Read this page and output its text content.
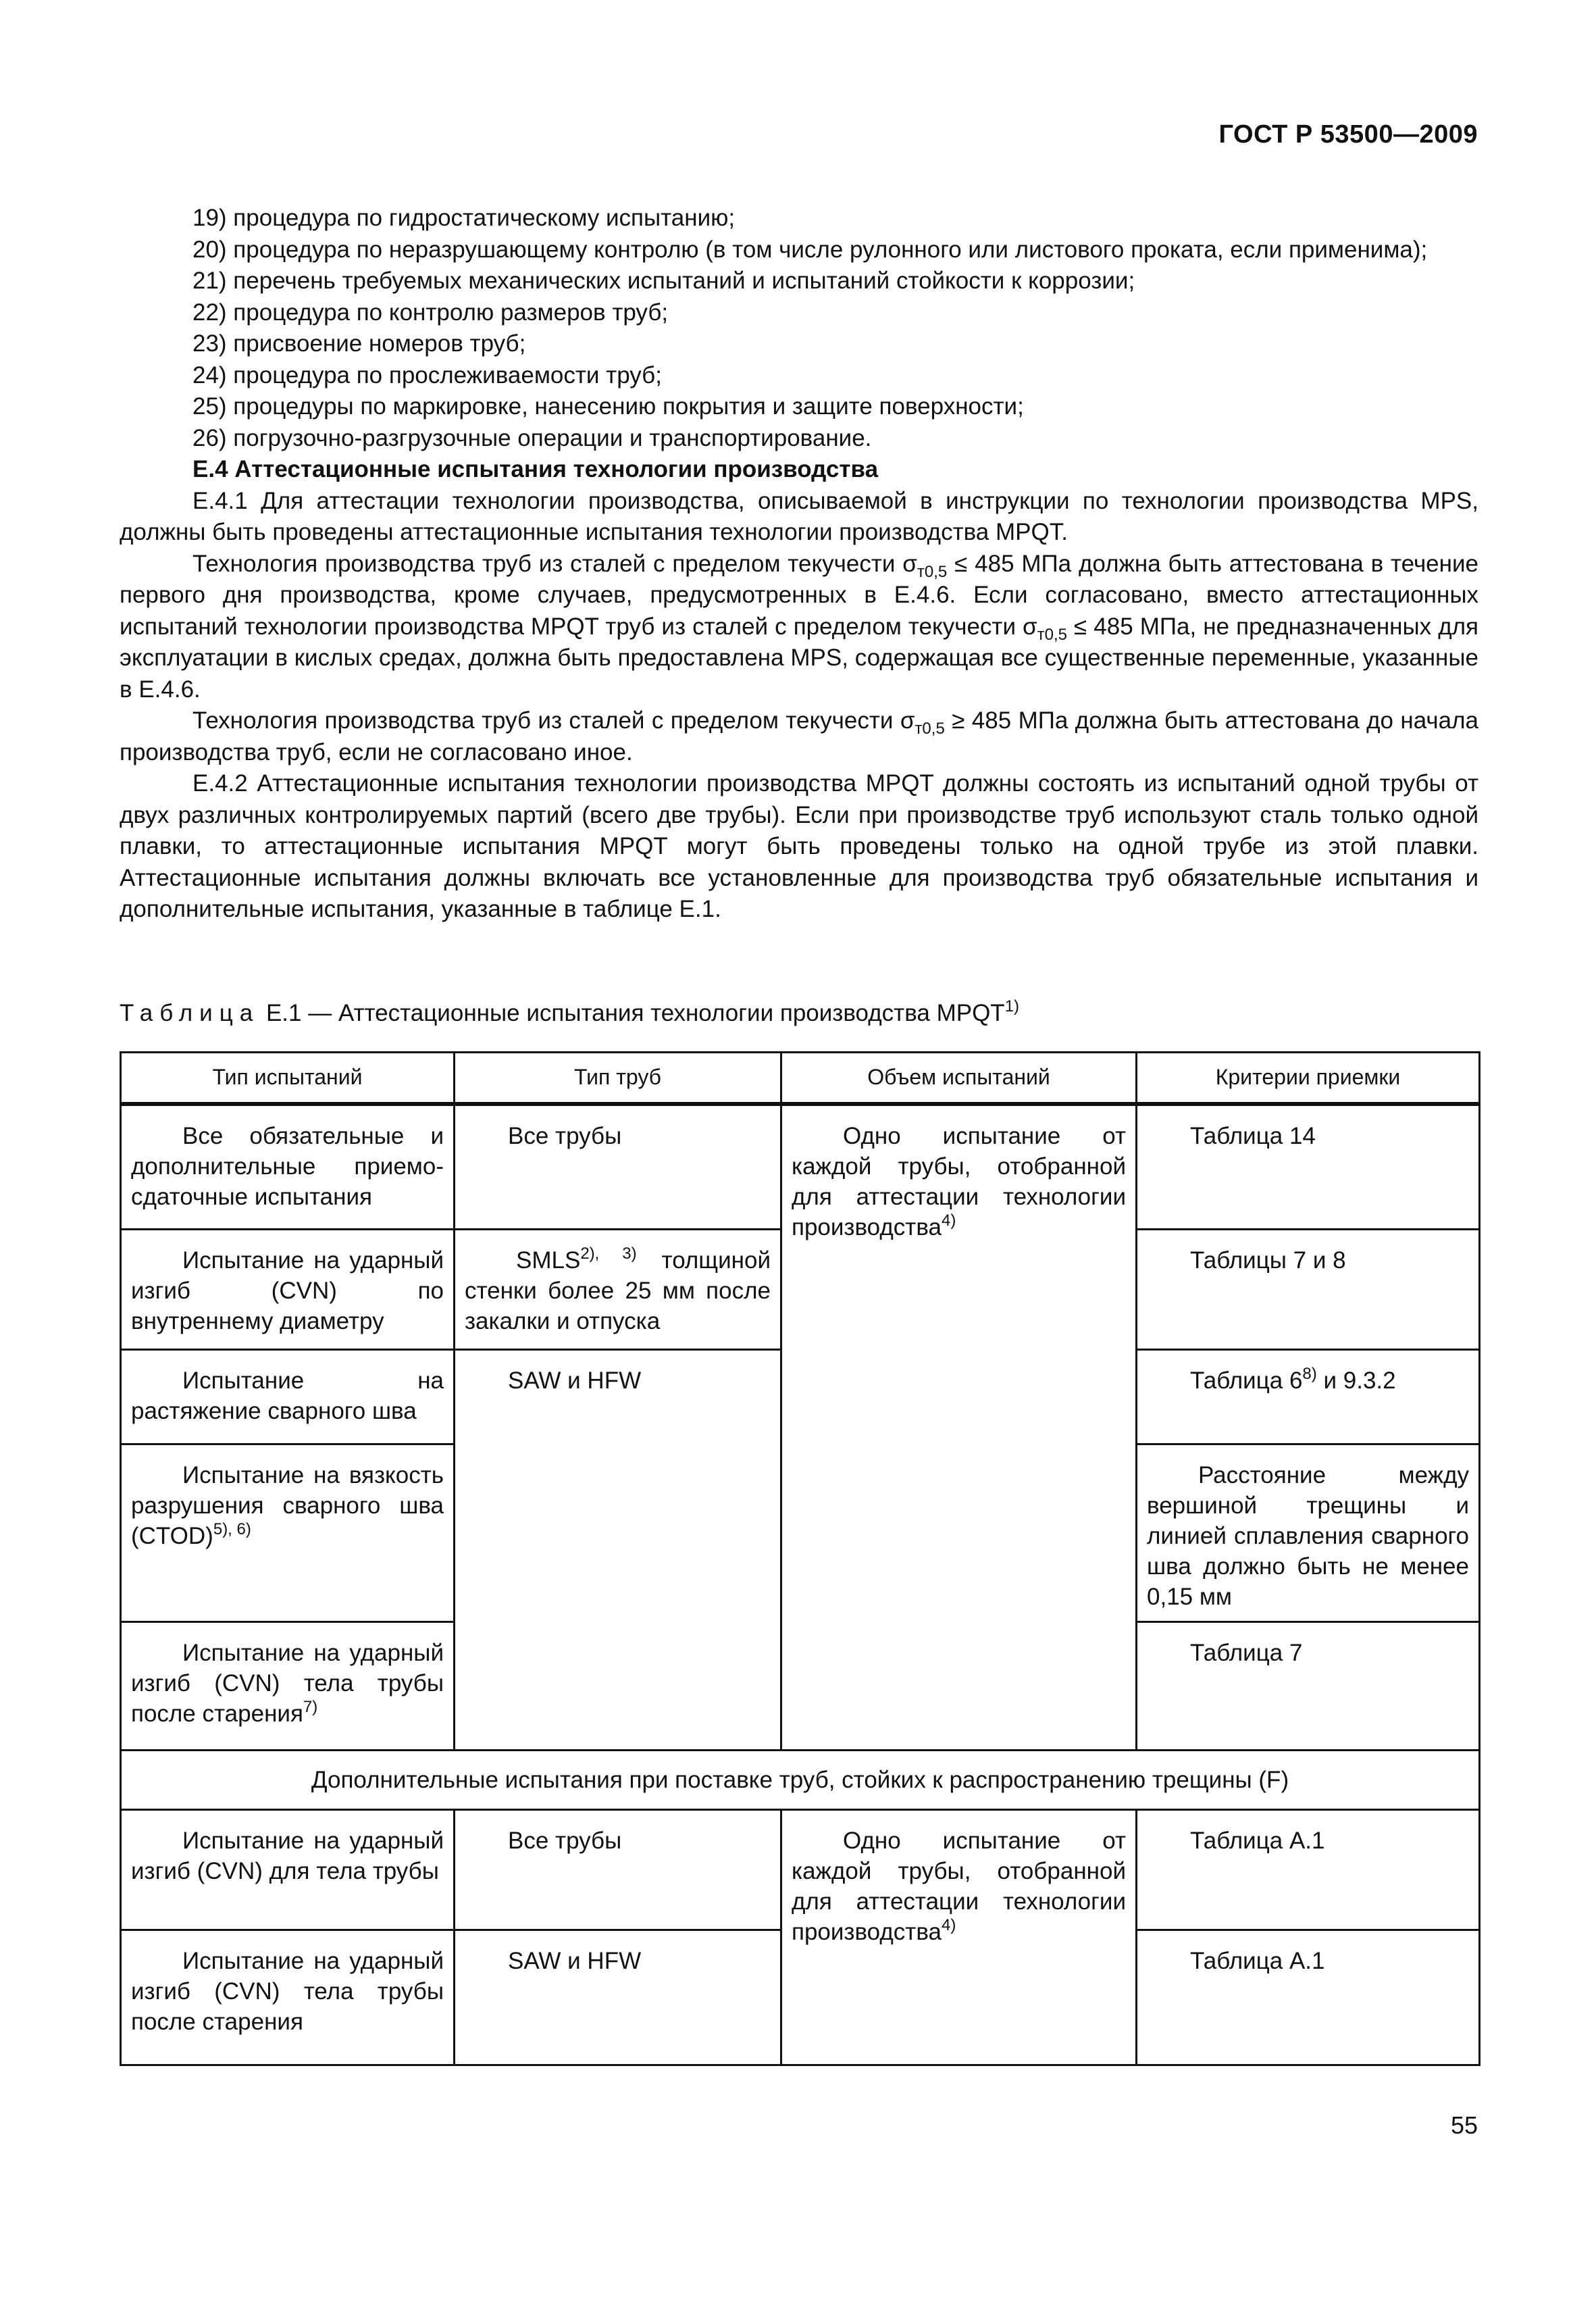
ГОСТ Р 53500—2009

19) процедура по гидростатическому испытанию;

20) процедура по неразрушающему контролю (в том числе рулонного или листового проката, если применима);

21) перечень требуемых механических испытаний и испытаний стойкости к коррозии;

22) процедура по контролю размеров труб;

23) присвоение номеров труб;

24) процедура по прослеживаемости труб;

25) процедуры по маркировке, нанесению покрытия и защите поверхности;

26) погрузочно-разгрузочные операции и транспортирование.

Е.4 Аттестационные испытания технологии производства

Е.4.1 Для аттестации технологии производства, описываемой в инструкции по технологии производства MPS, должны быть проведены аттестационные испытания технологии производства MPQT.

Технология производства труб из сталей с пределом текучести $\sigma_{т0,5} \le 485$ МПа должна быть аттестована в течение первого дня производства, кроме случаев, предусмотренных в Е.4.6. Если согласовано, вместо аттестационных испытаний технологии производства MPQT труб из сталей с пределом текучести $\sigma_{т0,5} \le 485$ МПа, не предназначенных для эксплуатации в кислых средах, должна быть предоставлена MPS, содержащая все существенные переменные, указанные в Е.4.6.

Технология производства труб из сталей с пределом текучести $\sigma_{т0,5} \ge 485$ МПа должна быть аттестована до начала производства труб, если не согласовано иное.

Е.4.2 Аттестационные испытания технологии производства MPQT должны состоять из испытаний одной трубы от двух различных контролируемых партий (всего две трубы). Если при производстве труб используют сталь только одной плавки, то аттестационные испытания MPQT могут быть проведены только на одной трубе из этой плавки. Аттестационные испытания должны включать все установленные для производства труб обязательные испытания и дополнительные испытания, указанные в таблице Е.1.

Таблица Е.1 — Аттестационные испытания технологии производства MPQT$^{1)}$
Тип испытаний	Тип труб	Объем испытаний	Критерии приемки

Все обязательные и дополнительные приемо-сдаточные испытания	Все трубы	Одно испытание от каждой трубы, отобранной для аттестации технологии производства$^{4)}$	Таблица 14

Испытание на ударный изгиб (CVN) по внутреннему диаметру	$SMLS^{2), 3)}$ толщиной стенки более 25 мм после закалки и отпуска		Таблицы 7 и 8

Испытание на растяжение сварного шва	SAW и HFW		Таблица 6$^{8)}$ и 9.3.2

Испытание на вязкость разрушения сварного шва (CTOD)$^{5), 6)}$			Расстояние между вершиной трещины и линией сплавления сварного шва должно быть не менее 0,15 мм

Испытание на ударный изгиб (CVN) тела трубы после старения$^{7)}$			Таблица 7
Дополнительные испытания при поставке труб, стойких к распространению трещины (F)			

Испытание на ударный изгиб (CVN) для тела трубы	Все трубы	Одно испытание от каждой трубы, отобранной для аттестации технологии производства$^{4)}$	Таблица А.1

Испытание на ударный изгиб (CVN) тела трубы после старения	SAW и HFW		Таблица А.1
55
